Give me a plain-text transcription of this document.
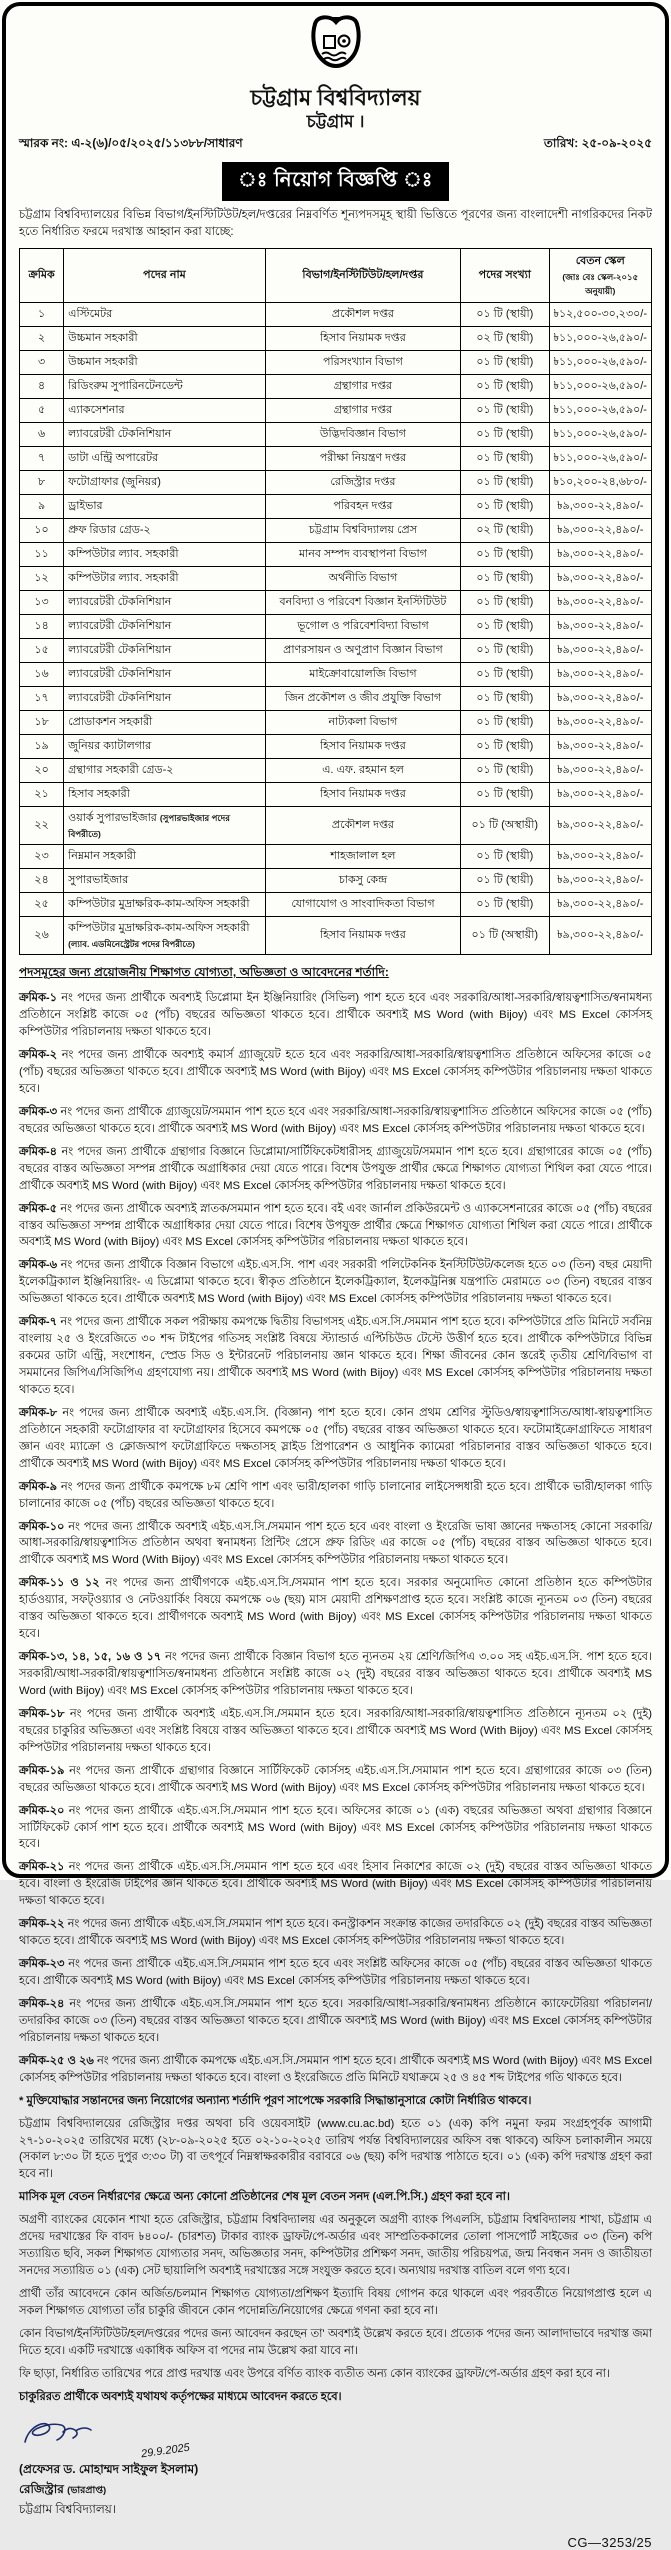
চট্টগ্রাম বিশ্ববিদ্যালয়
চট্টগ্রাম ।
স্মারক নং: এ-২(৬)/০৫/২০২৫/১১৩৮৮/সাধারণ	তারিখ: ২৫-০৯-২০২৫
ঃ নিয়োগ বিজ্ঞপ্তি ঃ

চট্টগ্রাম বিশ্ববিদ্যালয়ের বিভিন্ন বিভাগ/ইনস্টিটিউট/হল/দপ্তরের নিম্নবর্ণিত শূন্যপদসমূহ স্থায়ী ভিত্তিতে পূরণের জন্য বাংলাদেশী নাগরিকদের নিকট হতে নির্ধারিত ফরমে দরখাস্ত আহ্বান করা যাচ্ছে:

ক্রমিক	পদের নাম	বিভাগ/ইনস্টিটিউট/হল/দপ্তর	পদের সংখ্যা	বেতন স্কেল
(জাঃ বেঃ স্কেল-২০১৫ অনুযায়ী)

১	এস্টিমেটর	প্রকৌশল দপ্তর	০১ টি (স্থায়ী)	৳১২,৫০০-৩০,২৩০/-
২	উচ্চমান সহকারী	হিসাব নিয়ামক দপ্তর	০২ টি (স্থায়ী)	৳১১,০০০-২৬,৫৯০/-
৩	উচ্চমান সহকারী	পরিসংখ্যান বিভাগ	০১ টি (স্থায়ী)	৳১১,০০০-২৬,৫৯০/-
৪	রিডিংরুম সুপারিনটেনডেন্ট	গ্রন্থাগার দপ্তর	০১ টি (স্থায়ী)	৳১১,০০০-২৬,৫৯০/-
৫	এ্যাকসেশনার	গ্রন্থাগার দপ্তর	০১ টি (স্থায়ী)	৳১১,০০০-২৬,৫৯০/-
৬	ল্যাবরেটরী টেকনিশিয়ান	উদ্ভিদবিজ্ঞান বিভাগ	০১ টি (স্থায়ী)	৳১১,০০০-২৬,৫৯০/-
৭	ডাটা এন্ট্রি অপারেটর	পরীক্ষা নিয়ন্ত্রণ দপ্তর	০১ টি (স্থায়ী)	৳১১,০০০-২৬,৫৯০/-
৮	ফটোগ্রাফার (জুনিয়র)	রেজিস্ট্রার দপ্তর	০১ টি (স্থায়ী)	৳১০,২০০-২৪,৬৮০/-
৯	ড্রাইভার	পরিবহন দপ্তর	০১ টি (স্থায়ী)	৳৯,৩০০-২২,৪৯০/-
১০	প্রুফ রিডার গ্রেড-২	চট্টগ্রাম বিশ্ববিদ্যালয় প্রেস	০২ টি (স্থায়ী)	৳৯,৩০০-২২,৪৯০/-
১১	কম্পিউটার ল্যাব. সহকারী	মানব সম্পদ ব্যবস্থাপনা বিভাগ	০১ টি (স্থায়ী)	৳৯,৩০০-২২,৪৯০/-
১২	কম্পিউটার ল্যাব. সহকারী	অর্থনীতি বিভাগ	০১ টি (স্থায়ী)	৳৯,৩০০-২২,৪৯০/-
১৩	ল্যাবরেটরী টেকনিশিয়ান	বনবিদ্যা ও পরিবেশ বিজ্ঞান ইনস্টিটিউট	০১ টি (স্থায়ী)	৳৯,৩০০-২২,৪৯০/-
১৪	ল্যাবরেটরী টেকনিশিয়ান	ভূগোল ও পরিবেশবিদ্যা বিভাগ	০১ টি (স্থায়ী)	৳৯,৩০০-২২,৪৯০/-
১৫	ল্যাবরেটরী টেকনিশিয়ান	প্রাণরসায়ন ও অণুপ্রাণ বিজ্ঞান বিভাগ	০১ টি (স্থায়ী)	৳৯,৩০০-২২,৪৯০/-
১৬	ল্যাবরেটরী টেকনিশিয়ান	মাইক্রোবায়োলজি বিভাগ	০১ টি (স্থায়ী)	৳৯,৩০০-২২,৪৯০/-
১৭	ল্যাবরেটরী টেকনিশিয়ান	জিন প্রকৌশল ও জীব প্রযুক্তি বিভাগ	০১ টি (স্থায়ী)	৳৯,৩০০-২২,৪৯০/-
১৮	প্রোডাকশন সহকারী	নাট্যকলা বিভাগ	০১ টি (স্থায়ী)	৳৯,৩০০-২২,৪৯০/-
১৯	জুনিয়র ক্যাটালগার	হিসাব নিয়ামক দপ্তর	০১ টি (স্থায়ী)	৳৯,৩০০-২২,৪৯০/-
২০	গ্রন্থাগার সহকারী গ্রেড-২	এ. এফ. রহমান হল	০১ টি (স্থায়ী)	৳৯,৩০০-২২,৪৯০/-
২১	হিসাব সহকারী	হিসাব নিয়ামক দপ্তর	০১ টি (স্থায়ী)	৳৯,৩০০-২২,৪৯০/-
২২	ওয়ার্ক সুপারভাইজার (সুপারভাইজার পদের বিপরীতে)	প্রকৌশল দপ্তর	০১ টি (অস্থায়ী)	৳৯,৩০০-২২,৪৯০/-
২৩	নিম্নমান সহকারী	শাহজালাল হল	০১ টি (স্থায়ী)	৳৯,৩০০-২২,৪৯০/-
২৪	সুপারভাইজার	চাকসু কেন্দ্র	০১ টি (স্থায়ী)	৳৯,৩০০-২২,৪৯০/-
২৫	কম্পিউটার মুদ্রাক্ষরিক-কাম-অফিস সহকারী	যোগাযোগ ও সাংবাদিকতা বিভাগ	০১ টি (স্থায়ী)	৳৯,৩০০-২২,৪৯০/-
২৬	কম্পিউটার মুদ্রাক্ষরিক-কাম-অফিস সহকারী
(ল্যাব. এডমিনেস্ট্রেটর পদের বিপরীতে)	হিসাব নিয়ামক দপ্তর	০১ টি (অস্থায়ী)	৳৯,৩০০-২২,৪৯০/-
পদসমূহের জন্য প্রয়োজনীয় শিক্ষাগত যোগ্যতা, অভিজ্ঞতা ও আবেদনের শর্তাদি:

ক্রমিক-১ নং পদের জন্য প্রার্থীকে অবশ্যই ডিপ্লোমা ইন ইঞ্জিনিয়ারিং (সিভিল) পাশ হতে হবে এবং সরকারি/আধা-সরকারি/স্বায়ত্বশাসিত/স্বনামধন্য প্রতিষ্ঠানে সংশ্লিষ্ট কাজে ০৫ (পাঁচ) বছরের অভিজ্ঞতা থাকতে হবে। প্রার্থীকে অবশ্যই MS Word (with Bijoy) এবং MS Excel কোর্সসহ কম্পিউটার পরিচালনায় দক্ষতা থাকতে হবে।

ক্রমিক-২ নং পদের জন্য প্রার্থীকে অবশ্যই কমার্স গ্র্যাজুয়েট হতে হবে এবং সরকারি/আধা-সরকারি/স্বায়ত্বশাসিত প্রতিষ্ঠানে অফিসের কাজে ০৫ (পাঁচ) বছরের অভিজ্ঞতা থাকতে হবে। প্রার্থীকে অবশ্যই MS Word (with Bijoy) এবং MS Excel কোর্সসহ কম্পিউটার পরিচালনায় দক্ষতা থাকতে হবে।

ক্রমিক-৩ নং পদের জন্য প্রার্থীকে গ্র্যাজুয়েট/সমমান পাশ হতে হবে এবং সরকারি/আধা-সরকারি/স্বায়ত্বশাসিত প্রতিষ্ঠানে অফিসের কাজে ০৫ (পাঁচ) বছরের অভিজ্ঞতা থাকতে হবে। প্রার্থীকে অবশ্যই MS Word (with Bijoy) এবং MS Excel কোর্সসহ কম্পিউটার পরিচালনায় দক্ষতা থাকতে হবে।

ক্রমিক-৪ নং পদের জন্য প্রার্থীকে গ্রন্থাগার বিজ্ঞানে ডিপ্লোমা/সার্টিফিকেটধারীসহ গ্র্যাজুয়েট/সমমান পাশ হতে হবে। গ্রন্থাগারের কাজে ০৫ (পাঁচ) বছরের বাস্তব অভিজ্ঞতা সম্পন্ন প্রার্থীকে অগ্রাধিকার দেয়া যেতে পারে। বিশেষ উপযুক্ত প্রার্থীর ক্ষেত্রে শিক্ষাগত যোগ্যতা শিথিল করা যেতে পারে। প্রার্থীকে অবশ্যই MS Word (with Bijoy) এবং MS Excel কোর্সসহ কম্পিউটার পরিচালনায় দক্ষতা থাকতে হবে।

ক্রমিক-৫ নং পদের জন্য প্রার্থীকে অবশ্যই স্নাতক/সমমান পাশ হতে হবে। বই এবং জার্নাল প্রকিউরমেন্ট ও এ্যাকসেশনারের কাজে ০৫ (পাঁচ) বছরের বাস্তব অভিজ্ঞতা সম্পন্ন প্রার্থীকে অগ্রাধিকার দেয়া যেতে পারে। বিশেষ উপযুক্ত প্রার্থীর ক্ষেত্রে শিক্ষাগত যোগ্যতা শিথিল করা যেতে পারে। প্রার্থীকে অবশ্যই MS Word (with Bijoy) এবং MS Excel কোর্সসহ কম্পিউটার পরিচালনায় দক্ষতা থাকতে হবে।

ক্রমিক-৬ নং পদের জন্য প্রার্থীকে বিজ্ঞান বিভাগে এইচ.এস.সি. পাশ এবং সরকারী পলিটেকনিক ইনস্টিটিউট/কলেজ হতে ০৩ (তিন) বছর মেয়াদী ইলেকট্রিক্যাল ইঞ্জিনিয়ারিং- এ ডিপ্লোমা থাকতে হবে। স্বীকৃত প্রতিষ্ঠানে ইলেকট্রিক্যাল, ইলেকট্রনিক্স যন্ত্রপাতি মেরামতে ০৩ (তিন) বছরের বাস্তব অভিজ্ঞতা থাকতে হবে। প্রার্থীকে অবশ্যই MS Word (with Bijoy) এবং MS Excel কোর্সসহ কম্পিউটার পরিচালনায় দক্ষতা থাকতে হবে।

ক্রমিক-৭ নং পদের জন্য প্রার্থীকে সকল পরীক্ষায় কমপক্ষে দ্বিতীয় বিভাগসহ এইচ.এস.সি./সমমান পাশ হতে হবে। কম্পিউটারে প্রতি মিনিটে সর্বনিম্ন বাংলায় ২৫ ও ইংরেজিতে ৩০ শব্দ টাইপের গতিসহ সংশ্লিষ্ট বিষয়ে স্ট্যান্ডার্ড এপ্টিচিউড টেস্টে উত্তীর্ণ হতে হবে। প্রার্থীকে কম্পিউটারে বিভিন্ন রকমের ডাটা এন্ট্রি, সংশোধন, স্প্রেড সিড ও ইন্টারনেট পরিচালনায় জ্ঞান থাকতে হবে। শিক্ষা জীবনের কোন স্তরেই তৃতীয় শ্রেণি/বিভাগ বা সমমানের জিপিএ/সিজিপিএ গ্রহণযোগ্য নয়। প্রার্থীকে অবশ্যই MS Word (with Bijoy) এবং MS Excel কোর্সসহ কম্পিউটার পরিচালনায় দক্ষতা থাকতে হবে।

ক্রমিক-৮ নং পদের জন্য প্রার্থীকে অবশ্যই এইচ.এস.সি. (বিজ্ঞান) পাশ হতে হবে। কোন প্রথম শ্রেণির স্টুডিও/স্বায়ত্বশাসিত/আধা-স্বায়ত্বশাসিত প্রতিষ্ঠানে সহকারী ফটোগ্রাফার বা ফটোগ্রাফার হিসেবে কমপক্ষে ০৫ (পাঁচ) বছরের বাস্তব অভিজ্ঞতা থাকতে হবে। ফটোমাইক্রোগ্রাফিতে সাধারণ জ্ঞান এবং ম্যাক্রো ও ক্লোজআপ ফটোগ্রাফিতে দক্ষতাসহ স্লাইড প্রিপারেশন ও আধুনিক ক্যামেরা পরিচালনার বাস্তব অভিজ্ঞতা থাকতে হবে। প্রার্থীকে অবশ্যই MS Word (with Bijoy) এবং MS Excel কোর্সসহ কম্পিউটার পরিচালনায় দক্ষতা থাকতে হবে।

ক্রমিক-৯ নং পদের জন্য প্রার্থীকে কমপক্ষে ৮ম শ্রেণি পাশ এবং ভারী/হালকা গাড়ি চালানোর লাইসেন্সধারী হতে হবে। প্রার্থীকে ভারী/হালকা গাড়ি চালানোর কাজে ০৫ (পাঁচ) বছরের অভিজ্ঞতা থাকতে হবে।

ক্রমিক-১০ নং পদের জন্য প্রার্থীকে অবশ্যই এইচ.এস.সি./সমমান পাশ হতে হবে এবং বাংলা ও ইংরেজি ভাষা জ্ঞানের দক্ষতাসহ কোনো সরকারি/আধা-সরকারি/স্বায়ত্বশাসিত প্রতিষ্ঠান অথবা স্বনামধন্য প্রিন্টিং প্রেসে প্রুফ রিডিং এর কাজে ০৫ (পাঁচ) বছরের বাস্তব অভিজ্ঞতা থাকতে হবে। প্রার্থীকে অবশ্যই MS Word (With Bijoy) এবং MS Excel কোর্সসহ কম্পিউটার পরিচালনায় দক্ষতা থাকতে হবে।

ক্রমিক-১১ ও ১২ নং পদের জন্য প্রার্থীগণকে এইচ.এস.সি./সমমান পাশ হতে হবে। সরকার অনুমোদিত কোনো প্রতিষ্ঠান হতে কম্পিউটার হার্ডওয়্যার, সফট্‌ওয়্যার ও নেটওয়ার্কিং বিষয়ে কমপক্ষে ০৬ (ছয়) মাস মেয়াদী প্রশিক্ষণপ্রাপ্ত হতে হবে। সংশ্লিষ্ট কাজে ন্যূনতম ০৩ (তিন) বছরের বাস্তব অভিজ্ঞতা থাকতে হবে। প্রার্থীগণকে অবশ্যই MS Word (with Bijoy) এবং MS Excel কোর্সসহ কম্পিউটার পরিচালনায় দক্ষতা থাকতে হবে।

ক্রমিক-১৩, ১৪, ১৫, ১৬ ও ১৭ নং পদের জন্য প্রার্থীকে বিজ্ঞান বিভাগ হতে ন্যূনতম ২য় শ্রেণি/জিপিএ ৩.০০ সহ এইচ.এস.সি. পাশ হতে হবে। সরকারী/আধা-সরকারী/স্বায়ত্বশাসিত/স্বনামধন্য প্রতিষ্ঠানে সংশ্লিষ্ট কাজে ০২ (দুই) বছরের বাস্তব অভিজ্ঞতা থাকতে হবে। প্রার্থীকে অবশ্যই MS Word (with Bijoy) এবং MS Excel কোর্সসহ কম্পিউটার পরিচালনায় দক্ষতা থাকতে হবে।

ক্রমিক-১৮ নং পদের জন্য প্রার্থীকে অবশ্যই এইচ.এস.সি./সমমান হতে হবে। সরকারি/আধা-সরকারি/স্বায়ত্বশাসিত প্রতিষ্ঠানে ন্যূনতম ০২ (দুই) বছরের চাকুরির অভিজ্ঞতা এবং সংশ্লিষ্ট বিষয়ে বাস্তব অভিজ্ঞতা থাকতে হবে। প্রার্থীকে অবশ্যই MS Word (With Bijoy) এবং MS Excel কোর্সসহ কম্পিউটার পরিচালনায় দক্ষতা থাকতে হবে।

ক্রমিক-১৯ নং পদের জন্য প্রার্থীকে গ্রন্থাগার বিজ্ঞানে সার্টিফিকেট কোর্সসহ এইচ.এস.সি./সমামান পাশ হতে হবে। গ্রন্থাগারের কাজে ০৩ (তিন) বছরের অভিজ্ঞতা থাকতে হবে। প্রার্থীকে অবশ্যই MS Word (with Bijoy) এবং MS Excel কোর্সসহ কম্পিউটার পরিচালনায় দক্ষতা থাকতে হবে।

ক্রমিক-২০ নং পদের জন্য প্রার্থীকে এইচ.এস.সি./সমমান পাশ হতে হবে। অফিসের কাজে ০১ (এক) বছরের অভিজ্ঞতা অথবা গ্রন্থাগার বিজ্ঞানে সার্টিফিকেট কোর্স পাশ হতে হবে। প্রার্থীকে অবশ্যই MS Word (with Bijoy) এবং MS Excel কোর্সসহ কম্পিউটার পরিচালনায় দক্ষতা থাকতে হবে।

ক্রমিক-২১ নং পদের জন্য প্রার্থীকে এইচ.এস.সি./সমমান পাশ হতে হবে এবং হিসাব নিকাশের কাজে ০২ (দুই) বছরের বাস্তব অভিজ্ঞতা থাকতে হবে। বাংলা ও ইংরেজি টাইপের জ্ঞান থাকতে হবে। প্রার্থীকে অবশ্যই MS Word (with Bijoy) এবং MS Excel কোর্সসহ কম্পিউটার পরিচালনায় দক্ষতা থাকতে হবে।

ক্রমিক-২২ নং পদের জন্য প্রার্থীকে এইচ.এস.সি./সমমান পাশ হতে হবে। কনস্ট্রাকশন সংক্রান্ত কাজের তদারকিতে ০২ (দুই) বছরের বাস্তব অভিজ্ঞতা থাকতে হবে। প্রার্থীকে অবশ্যই MS Word (with Bijoy) এবং MS Excel কোর্সসহ কম্পিউটার পরিচালনায় দক্ষতা থাকতে হবে।

ক্রমিক-২৩ নং পদের জন্য প্রার্থীকে এইচ.এস.সি./সমমান পাশ হতে হবে এবং সংশ্লিষ্ট অফিসের কাজে ০৫ (পাঁচ) বছরের বাস্তব অভিজ্ঞতা থাকতে হবে। প্রার্থীকে অবশ্যই MS Word (with Bijoy) এবং MS Excel কোর্সসহ কম্পিউটার পরিচালনায় দক্ষতা থাকতে হবে।

ক্রমিক-২৪ নং পদের জন্য প্রার্থীকে এইচ.এস.সি./সমমান পাশ হতে হবে। সরকারি/আধা-সরকারি/স্বনামধন্য প্রতিষ্ঠানে ক্যাফেটেরিয়া পরিচালনা/তদারকির কাজে ০৩ (তিন) বছরের বাস্তব অভিজ্ঞতা থাকতে হবে। প্রার্থীকে অবশ্যই MS Word (with Bijoy) এবং MS Excel কোর্সসহ কম্পিউটার পরিচালনায় দক্ষতা থাকতে হবে।

ক্রমিক-২৫ ও ২৬ নং পদের জন্য প্রার্থীকে কমপক্ষে এইচ.এস.সি./সমমান পাশ হতে হবে। প্রার্থীকে অবশ্যই MS Word (with Bijoy) এবং MS Excel কোর্সসহ কম্পিউটার পরিচালনায় দক্ষতা থাকতে হবে। বাংলা ও ইংরেজিতে প্রতি মিনিটে যথাক্রমে ২৫ ও ৪৫ শব্দ টাইপের গতি থাকতে হবে।

* মুক্তিযোদ্ধার সন্তানদের জন্য নিয়োগের অন্যান্য শর্তাদি পূরণ সাপেক্ষে সরকারি সিদ্ধান্তানুসারে কোটা নির্ধারিত থাকবে।

চট্টগ্রাম বিশ্ববিদ্যালয়ের রেজিস্ট্রার দপ্তর অথবা চবি ওয়েবসাইট (www.cu.ac.bd) হতে ০১ (এক) কপি নমুনা ফরম সংগ্রহপূর্বক আগামী ২৭-১০-২০২৫ তারিখের মধ্যে (২৮-০৯-২০২৫ হতে ০২-১০-২০২৫ তারিখ পর্যন্ত বিশ্ববিদ্যালয়ের অফিস বন্ধ থাকবে) অফিস চলাকালীন সময়ে (সকাল ৮:৩০ টা হতে দুপুর ৩:৩০ টা) বা তৎপূর্বে নিম্নস্বাক্ষরকারীর বরাবরে ০৬ (ছয়) কপি দরখাস্ত পাঠাতে হবে। ০১ (এক) কপি দরখাস্ত গ্রহণ করা হবে না।

মাসিক মূল বেতন নির্ধারণের ক্ষেত্রে অন্য কোনো প্রতিষ্ঠানের শেষ মূল বেতন সনদ (এল.পি.সি.) গ্রহণ করা হবে না।

অগ্রণী ব্যাংকের যেকোন শাখা হতে রেজিস্ট্রার, চট্টগ্রাম বিশ্ববিদ্যালয় এর অনুকূলে অগ্রণী ব্যাংক পিএলসি, চট্টগ্রাম বিশ্ববিদ্যালয় শাখা, চট্টগ্রাম এ প্রদেয় দরখাস্তের ফি বাবদ ৳৪০০/- (চারশত) টাকার ব্যাংক ড্রাফট/পে-অর্ডার এবং সাম্প্রতিককালের তোলা পাসপোর্ট সাইজের ০৩ (তিন) কপি সত্যায়িত ছবি, সকল শিক্ষাগত যোগ্যতার সনদ, অভিজ্ঞতার সনদ, কম্পিউটার প্রশিক্ষণ সনদ, জাতীয় পরিচয়পত্র, জন্ম নিবন্ধন সনদ ও জাতীয়তা সনদের সত্যায়িত ০১ (এক) সেট ছায়ালিপি অবশ্যই দরখাস্তের সঙ্গে সংযুক্ত করতে হবে। অন্যথায় দরখাস্ত বাতিল বলে গণ্য হবে।

প্রার্থী তাঁর আবেদনে কোন অর্জিত/চলমান শিক্ষাগত যোগ্যতা/প্রশিক্ষণ ইত্যাদি বিষয় গোপন করে থাকলে এবং পরবর্তীতে নিয়োগপ্রাপ্ত হলে এ সকল শিক্ষাগত যোগ্যতা তাঁর চাকুরি জীবনে কোন পদোন্নতি/নিয়োগের ক্ষেত্রে গণনা করা হবে না।

কোন বিভাগ/ইনস্টিটিউট/হল/দপ্তরের পদের জন্য আবেদন করছেন তা' অবশ্যই উল্লেখ করতে হবে। প্রত্যেক পদের জন্য আলাদাভাবে দরখাস্ত জমা দিতে হবে। একটি দরখাস্তে একাধিক অফিস বা পদের নাম উল্লেখ করা যাবে না।

ফি ছাড়া, নির্ধারিত তারিখের পরে প্রাপ্ত দরখাস্ত এবং উপরে বর্ণিত ব্যাংক ব্যতীত অন্য কোন ব্যাংকের ড্রাফট/পে-অর্ডার গ্রহণ করা হবে না।

চাকুরিরত প্রার্থীকে অবশ্যই যথাযথ কর্তৃপক্ষের মাধ্যমে আবেদন করতে হবে।

29.9.2025
(প্রফেসর ড. মোহাম্মদ সাইফুল ইসলাম)
রেজিস্ট্রার (ভারপ্রাপ্ত)
চট্টগ্রাম বিশ্ববিদ্যালয়।
CG—3253/25
